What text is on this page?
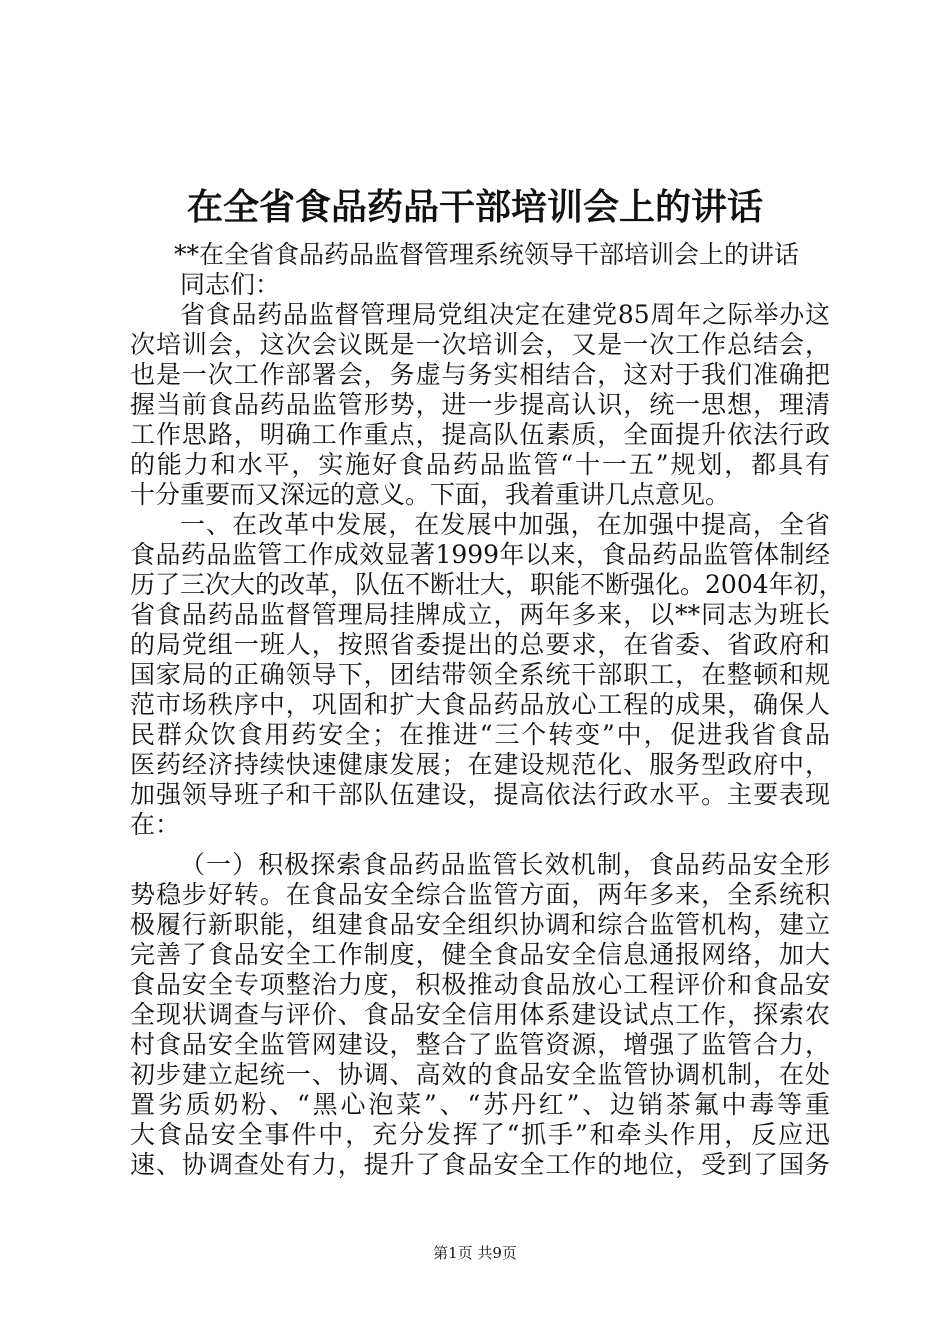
在全省食品药品干部培训会上的讲话
**在全省食品药品监督管理系统领导干部培训会上的讲话
同志们：
省食品药品监督管理局党组决定在建党85周年之际举办这
次培训会，这次会议既是一次培训会，又是一次工作总结会，
也是一次工作部署会，务虚与务实相结合，这对于我们准确把
握当前食品药品监管形势，进一步提高认识，统一思想，理清
工作思路，明确工作重点，提高队伍素质，全面提升依法行政
的能力和水平，实施好食品药品监管“十一五”规划，都具有
十分重要而又深远的意义。下面，我着重讲几点意见。
一、在改革中发展，在发展中加强，在加强中提高，全省
食品药品监管工作成效显著1999年以来，食品药品监管体制经
历了三次大的改革，队伍不断壮大，职能不断强化。2004年初，
省食品药品监督管理局挂牌成立，两年多来，以**同志为班长
的局党组一班人，按照省委提出的总要求，在省委、省政府和
国家局的正确领导下，团结带领全系统干部职工，在整顿和规
范市场秩序中，巩固和扩大食品药品放心工程的成果，确保人
民群众饮食用药安全；在推进“三个转变”中，促进我省食品
医药经济持续快速健康发展；在建设规范化、服务型政府中，
加强领导班子和干部队伍建设，提高依法行政水平。主要表现
在：
（一）积极探索食品药品监管长效机制，食品药品安全形
势稳步好转。在食品安全综合监管方面，两年多来，全系统积
极履行新职能，组建食品安全组织协调和综合监管机构，建立
完善了食品安全工作制度，健全食品安全信息通报网络，加大
食品安全专项整治力度，积极推动食品放心工程评价和食品安
全现状调查与评价、食品安全信用体系建设试点工作，探索农
村食品安全监管网建设，整合了监管资源，增强了监管合力，
初步建立起统一、协调、高效的食品安全监管协调机制，在处
置劣质奶粉、“黑心泡菜”、“苏丹红”、边销茶氟中毒等重
大食品安全事件中，充分发挥了“抓手”和牵头作用，反应迅
速、协调查处有力，提升了食品安全工作的地位，受到了国务
第1页 共9页
